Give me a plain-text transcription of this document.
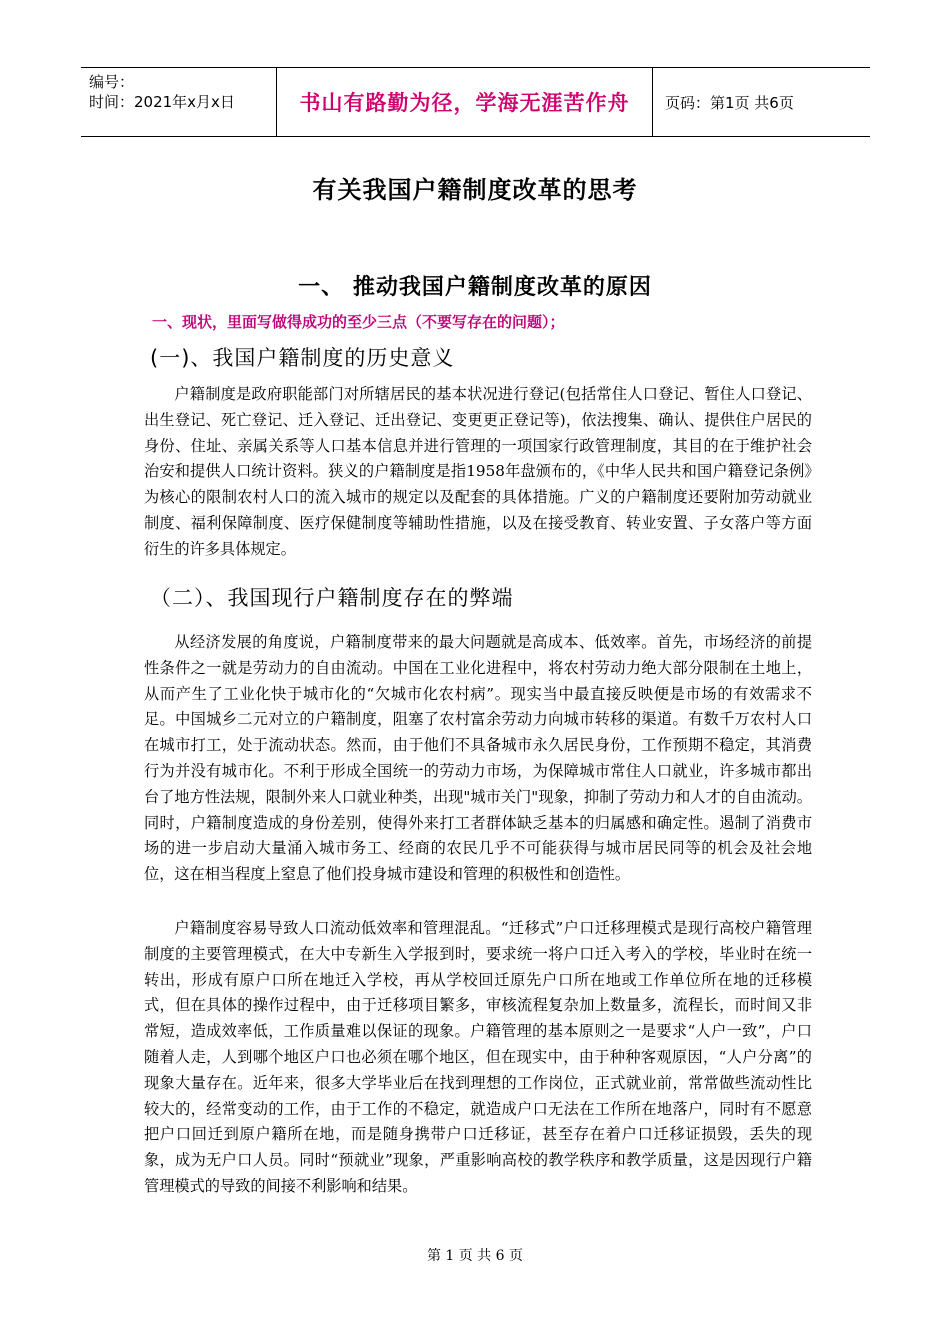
编号：
时间：2021年x月x日	书山有路勤为径，学海无涯苦作舟	页码：第1页 共6页
有关我国户籍制度改革的思考
一、 推动我国户籍制度改革的原因
一、现状，里面写做得成功的至少三点（不要写存在的问题）；
(一)、我国户籍制度的历史意义

户籍制度是政府职能部门对所辖居民的基本状况进行登记(包括常住人口登记、暂住人口登记、出生登记、死亡登记、迁入登记、迁出登记、变更更正登记等)，依法搜集、确认、提供住户居民的身份、住址、亲属关系等人口基本信息并进行管理的一项国家行政管理制度，其目的在于维护社会治安和提供人口统计资料。狭义的户籍制度是指1958年盘颁布的，《中华人民共和国户籍登记条例》为核心的限制农村人口的流入城市的规定以及配套的具体措施。广义的户籍制度还要附加劳动就业制度、福利保障制度、医疗保健制度等辅助性措施，以及在接受教育、转业安置、子女落户等方面衍生的许多具体规定。

（二）、我国现行户籍制度存在的弊端

从经济发展的角度说，户籍制度带来的最大问题就是高成本、低效率。首先，市场经济的前提性条件之一就是劳动力的自由流动。中国在工业化进程中，将农村劳动力绝大部分限制在土地上，从而产生了工业化快于城市化的“欠城市化农村病”。现实当中最直接反映便是市场的有效需求不足。中国城乡二元对立的户籍制度，阻塞了农村富余劳动力向城市转移的渠道。有数千万农村人口在城市打工，处于流动状态。然而，由于他们不具备城市永久居民身份，工作预期不稳定，其消费行为并没有城市化。不利于形成全国统一的劳动力市场，为保障城市常住人口就业，许多城市都出台了地方性法规，限制外来人口就业种类，出现"城市关门"现象，抑制了劳动力和人才的自由流动。同时，户籍制度造成的身份差别，使得外来打工者群体缺乏基本的归属感和确定性。遏制了消费市场的进一步启动大量涌入城市务工、经商的农民几乎不可能获得与城市居民同等的机会及社会地位，这在相当程度上窒息了他们投身城市建设和管理的积极性和创造性。

户籍制度容易导致人口流动低效率和管理混乱。“迁移式”户口迁移理模式是现行高校户籍管理制度的主要管理模式，在大中专新生入学报到时，要求统一将户口迁入考入的学校，毕业时在统一转出，形成有原户口所在地迁入学校，再从学校回迁原先户口所在地或工作单位所在地的迁移模式，但在具体的操作过程中，由于迁移项目繁多，审核流程复杂加上数量多，流程长，而时间又非常短，造成效率低，工作质量难以保证的现象。户籍管理的基本原则之一是要求“人户一致”，户口随着人走，人到哪个地区户口也必须在哪个地区，但在现实中，由于种种客观原因，“人户分离”的现象大量存在。近年来，很多大学毕业后在找到理想的工作岗位，正式就业前，常常做些流动性比较大的，经常变动的工作，由于工作的不稳定，就造成户口无法在工作所在地落户，同时有不愿意把户口回迁到原户籍所在地，而是随身携带户口迁移证，甚至存在着户口迁移证损毁，丢失的现象，成为无户口人员。同时“预就业”现象，严重影响高校的教学秩序和教学质量，这是因现行户籍管理模式的导致的间接不利影响和结果。

第 1 页 共 6 页
